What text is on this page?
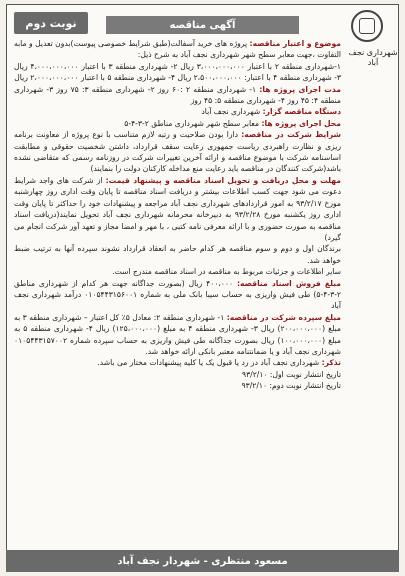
نوبت دوم	آگهی مناقصه
شهرداری نجف آباد

موضوع و اعتبار مناقصه: پروژه های خرید آسفالت(طبق شرایط خصوصی پیوست)بدون تعدیل و مابه التفاوت ،جهت معابر سطح شهر شهرداری نجف آباد به شرح ذیل:

۱-شهرداری منطقه ۲ با اعتبار ۳،۰۰۰،۰۰۰،۰۰۰ ریال ۲- شهرداری منطقه ۳ با اعتبار ۴،۰۰۰،۰۰۰،۰۰۰ ریال ۳- شهرداری منطقه ۴ با اعتبار: ۲،۵۰۰،۰۰۰،۰۰۰ ریال ۴- شهرداری منطقه ۵ با اعتبار ۲،۰۰۰،۰۰۰،۰۰۰ ریال

مدت اجرای پروژه ها: ۱- شهرداری منطقه ۲ :۶۰ روز ۲- شهرداری منطقه ۳: ۷۵ روز ۳- شهرداری منطقه ۴: ۴۵ روز ۴- شهرداری منطقه ۵: ۴۵ روز

دستگاه مناقصه گزار: شهرداری نجف آباد

محل اجرای پروژه ها: معابر سطح شهر شهرداری مناطق ۲-۳-۴-۵

شرایط شرکت در مناقصه: دارا بودن صلاحیت و رتبه لازم متناسب با نوع پروژه از معاونت برنامه ریزی و نظارت راهبردی ریاست جمهوری رعایت سقف قرارداد، داشتن شخصیت حقوقی و مطابقت اساسنامه شرکت با موضوع مناقصه و ارائه آخرین تغییرات شرکت در روزنامه رسمی که متقاضی نشده باشد(شرکت کنندگان در مناقصه باید رعایت منع مداخله کارکنان دولت را بنمایند)

مهلت و محل دریافت و تحویل اسناد مناقصه و پیشنهاد قیمت: از شرکت های واجد شرایط دعوت می شود جهت کسب اطلاعات بیشتر و دریافت اسناد مناقصه تا پایان وقت اداری روز چهارشنبه مورخ ۹۳/۲/۱۷ به امور قراردادهای شهرداری نجف آباد مراجعه و پیشنهادات خود را حداکثر تا پایان وقت اداری روز یکشنبه مورخ ۹۳/۲/۲۸ به دبیرخانه محرمانه شهرداری نجف آباد تحویل نمایند(دریافت اسناد مناقصه به صورت حضوری و با ارائه معرفی نامه کتبی ، با مهر و امضا مجاز و تعهد آور شرکت انجام می گیرد)

برندگان اول و دوم و سوم مناقصه هر کدام حاضر به انعقاد قرارداد نشوند سپرده آنها به ترتیب ضبط خواهد شد.

سایر اطلاعات و جزئیات مربوط به مناقصه در اسناد مناقصه مندرج است.

مبلغ فروش اسناد مناقصه: ۴۰۰،۰۰۰ ریال (بصورت جداگانه جهت هر کدام از شهرداری مناطق ۲-۳-۴-۵) طی فیش واریزی به حساب سیبا بانک ملی به شماره ۰۱۰۵۴۴۳۱۵۶۰۰۱ درآمد شهرداری نجف آباد

مبلغ سپرده شرکت در مناقصه: ۱- شهرداری منطقه ۲: معادل ۵٪ کل اعتبار – شهرداری منطقه ۳ به مبلغ (۲۰۰،۰۰۰،۰۰۰) ریال ۳- شهرداری منطقه ۴ به مبلغ (۱۲۵،۰۰۰،۰۰۰) ریال ۴- شهرداری منطقه ۵ به مبلغ (۱۰۰،۰۰۰،۰۰۰) ریال بصورت جداگانه طی فیش واریزی به حساب سپرده شماره ۰۱۰۵۴۴۳۱۵۷۰۰۲ شهرداری نجف آباد و یا ضمانتنامه معتبر بانکی ارائه خواهد شد.

تذکر: شهرداری نجف آباد در رد یا قبول یک یا کلیه پیشنهادات مختار می باشد.

تاریخ انتشار نوبت اول: ۹۳/۲/۱۰

تاریخ انتشار نوبت دوم: ۹۳/۲/۱۰

مسعود منتظری - شهردار نجف آباد
